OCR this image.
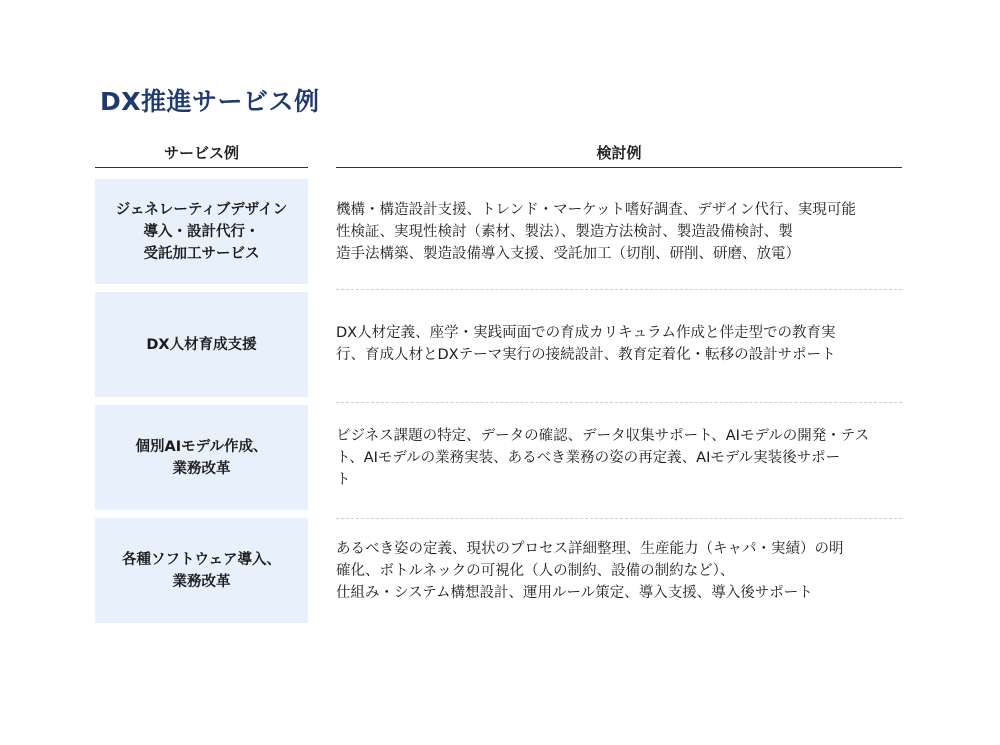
DX推進サービス例
サービス例	検討例
ジェネレーティブデザイン
導入・設計代行・
受託加工サービス
機構・構造設計支援、トレンド・マーケット嗜好調査、デザイン代行、実現可能
性検証、実現性検討（素材、製法）、製造方法検討、製造設備検討、製
造手法構築、製造設備導入支援、受託加工（切削、研削、研磨、放電）
DX人材育成支援
DX人材定義、座学・実践両面での育成カリキュラム作成と伴走型での教育実
行、育成人材とDXテーマ実行の接続設計、教育定着化・転移の設計サポート
個別AIモデル作成、
業務改革
ビジネス課題の特定、データの確認、データ収集サポート、AIモデルの開発・テス
ト、AIモデルの業務実装、あるべき業務の姿の再定義、AIモデル実装後サポー
ト
各種ソフトウェア導入、
業務改革
あるべき姿の定義、現状のプロセス詳細整理、生産能力（キャパ・実績）の明
確化、ボトルネックの可視化（人の制約、設備の制約など）、
仕組み・システム構想設計、運用ルール策定、導入支援、導入後サポート
